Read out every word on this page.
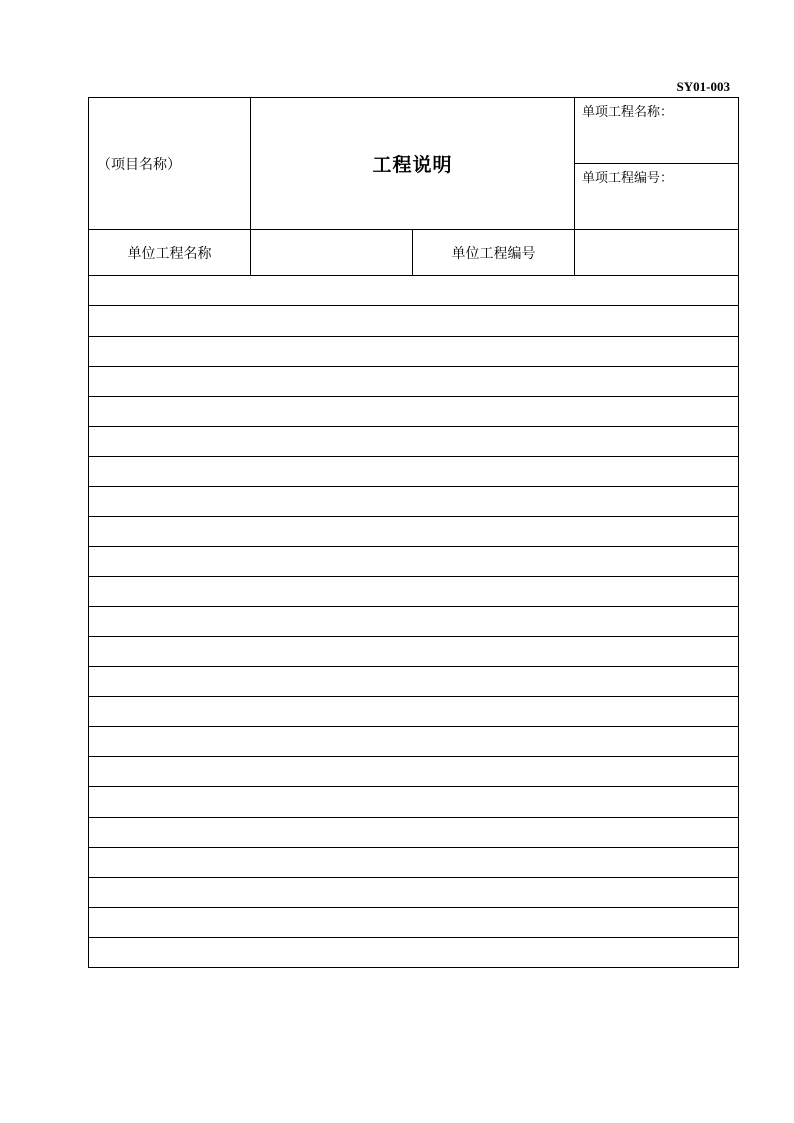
SY01-003
（项目名称）	工程说明		单项工程名称：
			单项工程编号：
单位工程名称		单位工程编号	
